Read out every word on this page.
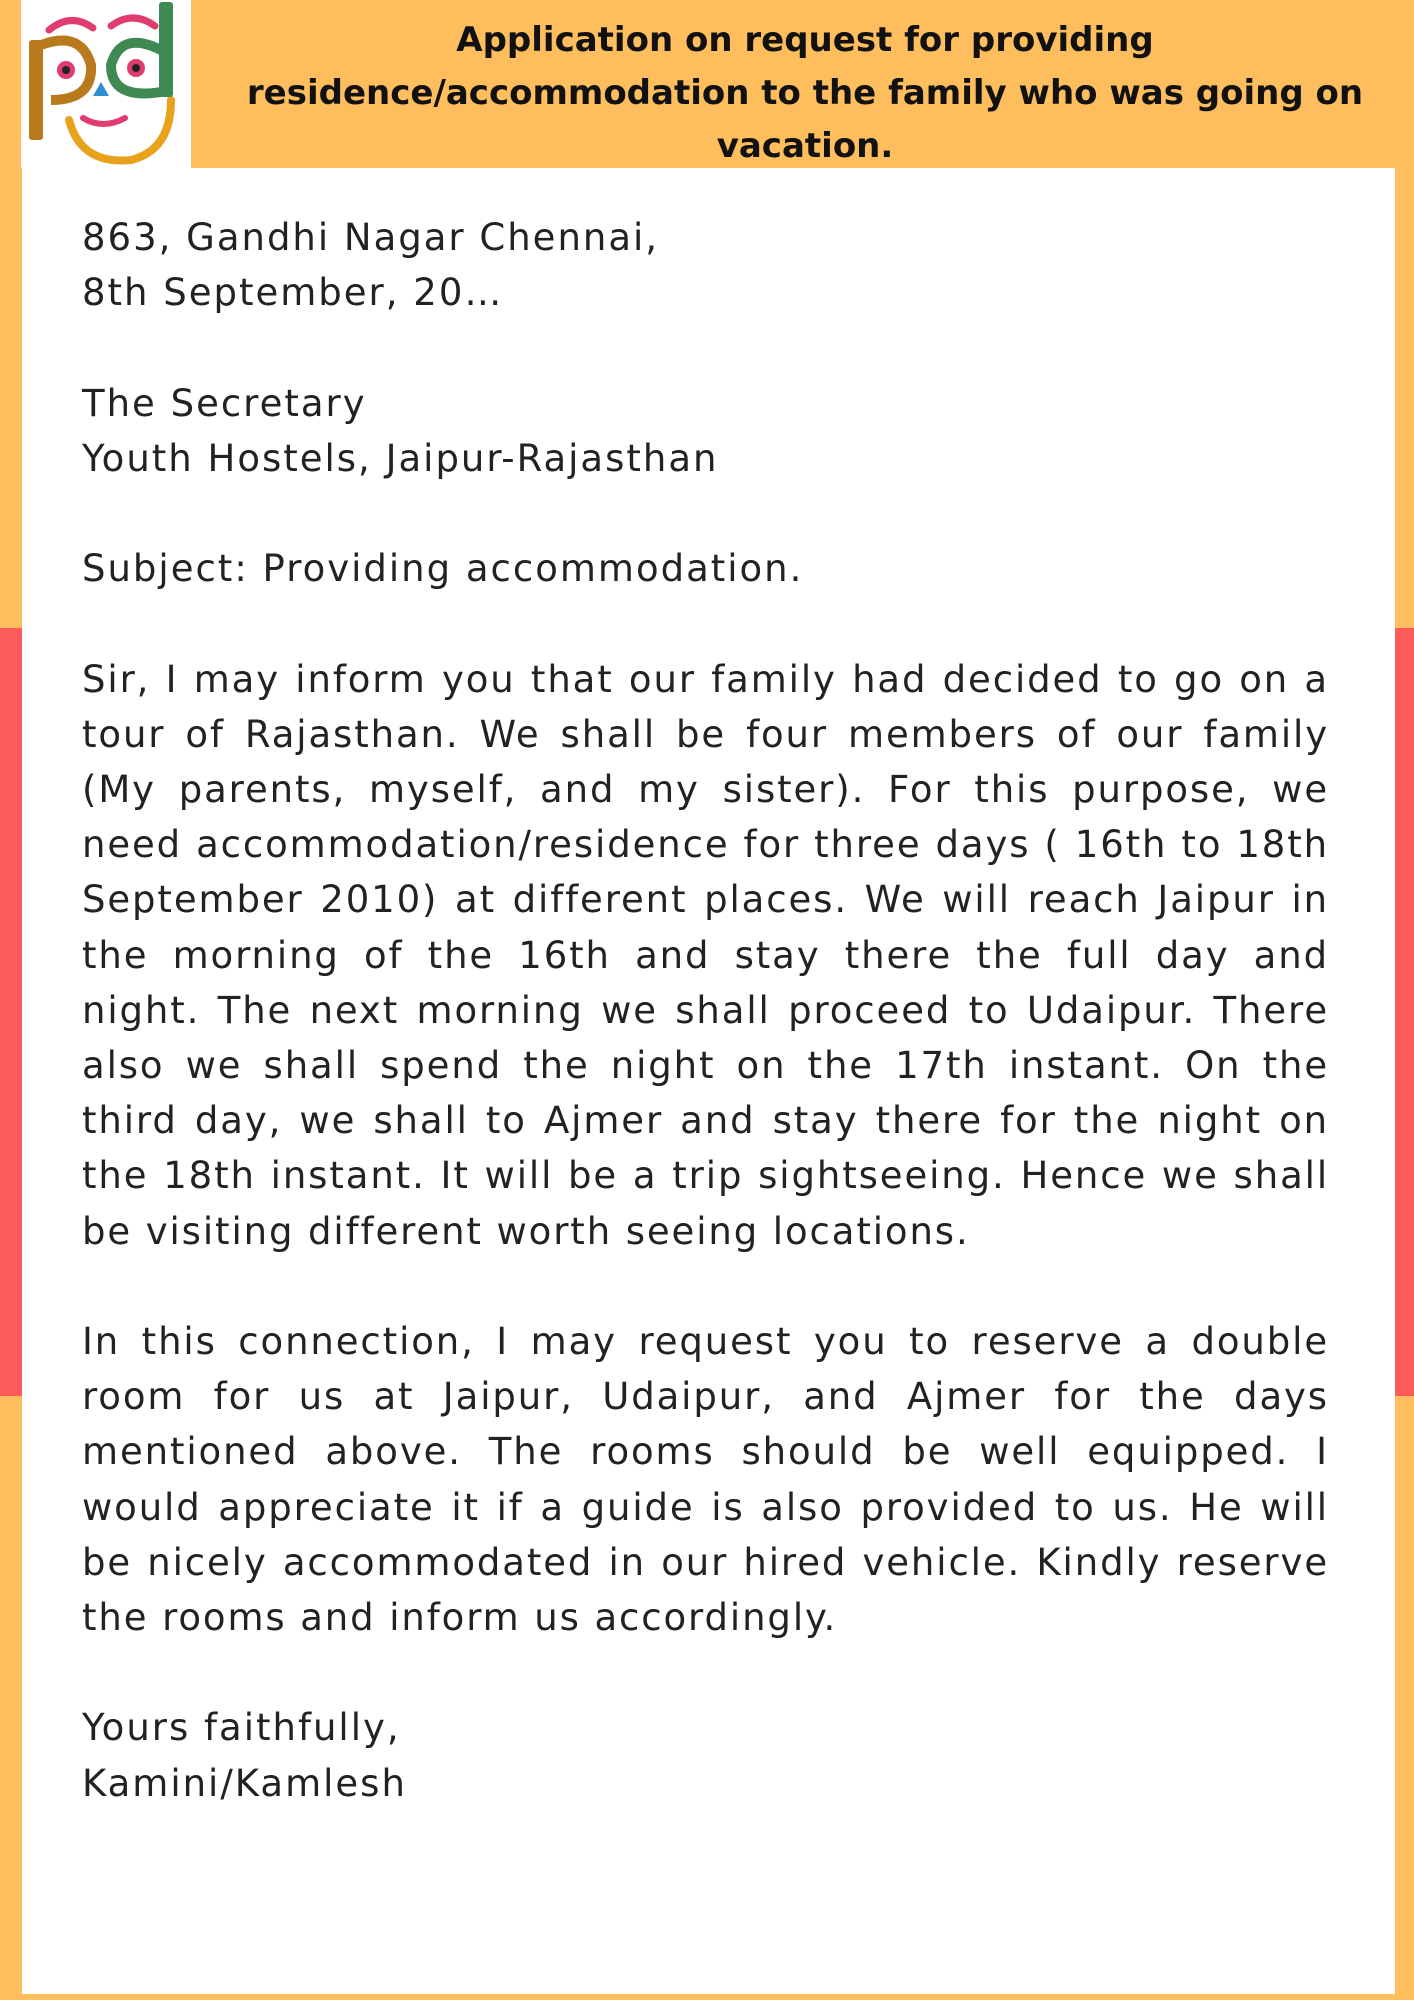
Application on request for providing residence/accommodation to the family who was going on vacation.

863, Gandhi Nagar Chennai,

8th September, 20…

The Secretary

Youth Hostels, Jaipur-Rajasthan

Subject: Providing accommodation.

Sir, I may inform you that our family had decided to go on a tour of Rajasthan. We shall be four members of our family (My parents, myself, and my sister). For this purpose, we need accommodation/residence for three days ( 16th to 18th September 2010) at different places. We will reach Jaipur in the morning of the 16th and stay there the full day and night. The next morning we shall proceed to Udaipur. There also we shall spend the night on the 17th instant. On the third day, we shall to Ajmer and stay there for the night on the 18th instant. It will be a trip sightseeing. Hence we shall be visiting different worth seeing locations.

In this connection, I may request you to reserve a double room for us at Jaipur, Udaipur, and Ajmer for the days mentioned above. The rooms should be well equipped. I would appreciate it if a guide is also provided to us. He will be nicely accommodated in our hired vehicle. Kindly reserve the rooms and inform us accordingly.

Yours faithfully,

Kamini/Kamlesh
